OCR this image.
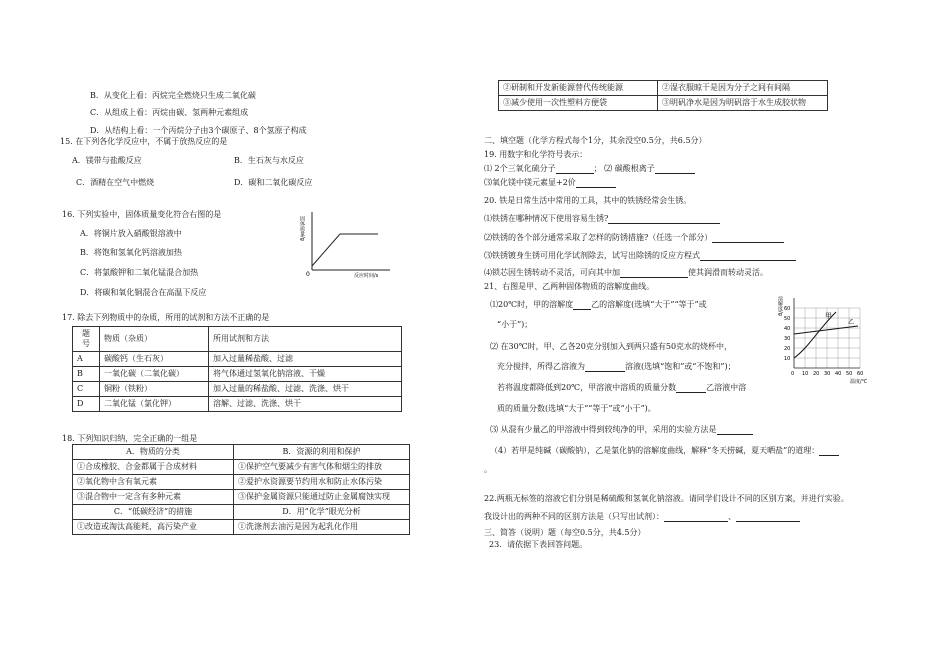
B．从变化上看：丙烷完全燃烧只生成二氧化碳
C．从组成上看：丙烷由碳、氢两种元素组成
D．从结构上看：一个丙烷分子由3个碳原子、8个氢原子构成
15. 在下列各化学反应中，不属于放热反应的是
A．镁带与盐酸反应	B．生石灰与水反应
C．酒精在空气中燃烧	D．碳和二氧化碳反应
16. 下列实验中，固体质量变化符合右图的是
A．将铜片放入硝酸银溶液中
B．将饱和氢氧化钙溶液加热
C．将氯酸钾和二氧化锰混合加热
D．将碳和氧化铜混合在高温下反应
固体质量/g
0	反应时间/s
17. 除去下列物质中的杂质，所用的试剂和方法不正确的是
题
号	物质（杂质）	所用试剂和方法
A	碳酸钙（生石灰）	加入过量稀盐酸、过滤
B	一氧化碳（二氧化碳）	将气体通过氢氧化钠溶液、干燥
C	铜粉（铁粉）	加入过量的稀盐酸、过滤、洗涤、烘干
D	二氧化锰（氯化钾）	溶解、过滤、洗涤、烘干
18. 下列知识归纳，完全正确的一组是
A．物质的分类	B．资源的利用和保护
①合成橡胶、合金都属于合成材料	①保护空气要减少有害气体和烟尘的排放
②氧化物中含有氧元素	②爱护水资源要节约用水和防止水体污染
③混合物中一定含有多种元素	③保护金属资源只能通过防止金属腐蚀实现
C．“低碳经济”的措施	D．用“化学”眼光分析
①改造或淘汰高能耗，高污染产业	①洗涤剂去油污是因为起乳化作用
②研制和开发新能源替代传统能源	②湿衣服晾干是因为分子之间有间隔
③减少使用一次性塑料方便袋	③明矾净水是因为明矾溶于水生成胶状物
二、填空题（化学方程式每个1分，其余没空0.5分，共6.5分）
19. 用数字和化学符号表示：
⑴ 2个三氧化硫分子	； ⑵ 碳酸根离子
⑶氧化镁中镁元素显+2价
20. 铁是日常生活中常用的工具，其中的铁锈经常会生锈。
⑴铁锈在哪种情况下使用容易生锈?
⑵铁锈的各个部分通常采取了怎样的防锈措施?（任选一个部分）
⑶铁锈镀身生锈可用化学试剂除去，试写出除锈的反应方程式
⑷锁芯因生锈转动不灵活，可向其中加	使其润滑而转动灵活。
21、右图是甲、乙两种固体物质的溶解度曲线。
⑴20℃时，甲的溶解度 乙的溶解度(选填“大于”“等于”或
“小于”)；
⑵ 在30℃时，甲、乙各20克分别加入到两只盛有50克水的烧杯中，
充分搅拌，所得乙溶液为	溶液(选填“饱和”或“不饱和”)；
若将温度都降低到20℃，甲溶液中溶质的质量分数	乙溶液中溶
质的质量分数(选填“大于”“等于”或“小于”)。
⑶ 从混有少量乙的甲溶液中得到较纯净的甲，采用的实验方法是
（4）若甲是纯碱（碳酸钠），乙是氯化钠的溶解度曲线，解释“冬天捞碱，夏天晒盐”的道理：
。
溶解度/g 60
50
40
30
20
10
0 10 20 30 40 50 60
甲
乙
温度/℃
22.两瓶无标签的溶液它们分别是稀硫酸和氢氧化钠溶液。请同学们设计不同的区别方案，并进行实验。
我设计出的两种不同的区别方法是（只写出试剂）：	、
三、简答（说明）题（每空0.5分，共4.5分）
23．请依据下表回答问题。
